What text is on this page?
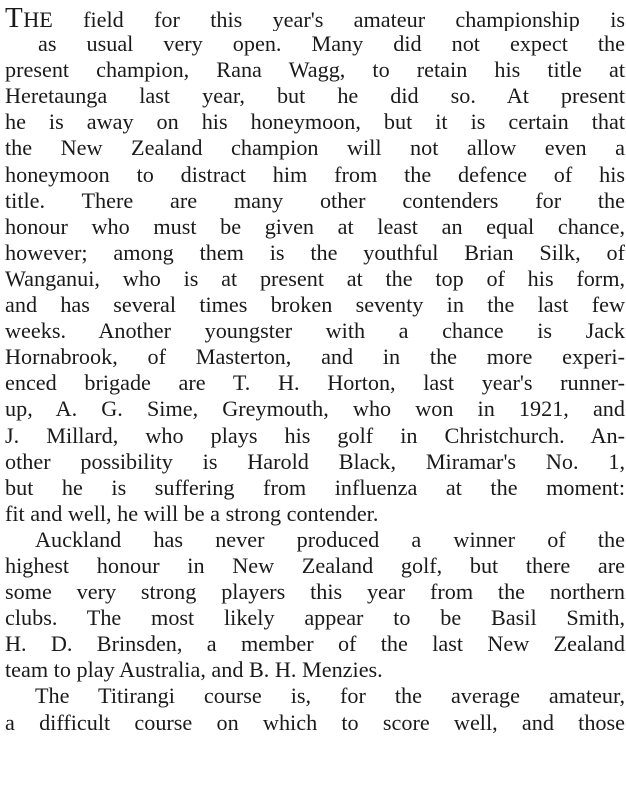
THE field for this year's amateur championship is
as usual very open. Many did not expect the
present champion, Rana Wagg, to retain his title at
Heretaunga last year, but he did so. At present
he is away on his honeymoon, but it is certain that
the New Zealand champion will not allow even a
honeymoon to distract him from the defence of his
title. There are many other contenders for the
honour who must be given at least an equal chance,
however; among them is the youthful Brian Silk, of
Wanganui, who is at present at the top of his form,
and has several times broken seventy in the last few
weeks. Another youngster with a chance is Jack
Hornabrook, of Masterton, and in the more experi-
enced brigade are T. H. Horton, last year's runner-
up, A. G. Sime, Greymouth, who won in 1921, and
J. Millard, who plays his golf in Christchurch. An-
other possibility is Harold Black, Miramar's No. 1,
but he is suffering from influenza at the moment:
fit and well, he will be a strong contender.
Auckland has never produced a winner of the
highest honour in New Zealand golf, but there are
some very strong players this year from the northern
clubs. The most likely appear to be Basil Smith,
H. D. Brinsden, a member of the last New Zealand
team to play Australia, and B. H. Menzies.
The Titirangi course is, for the average amateur,
a difficult course on which to score well, and those
